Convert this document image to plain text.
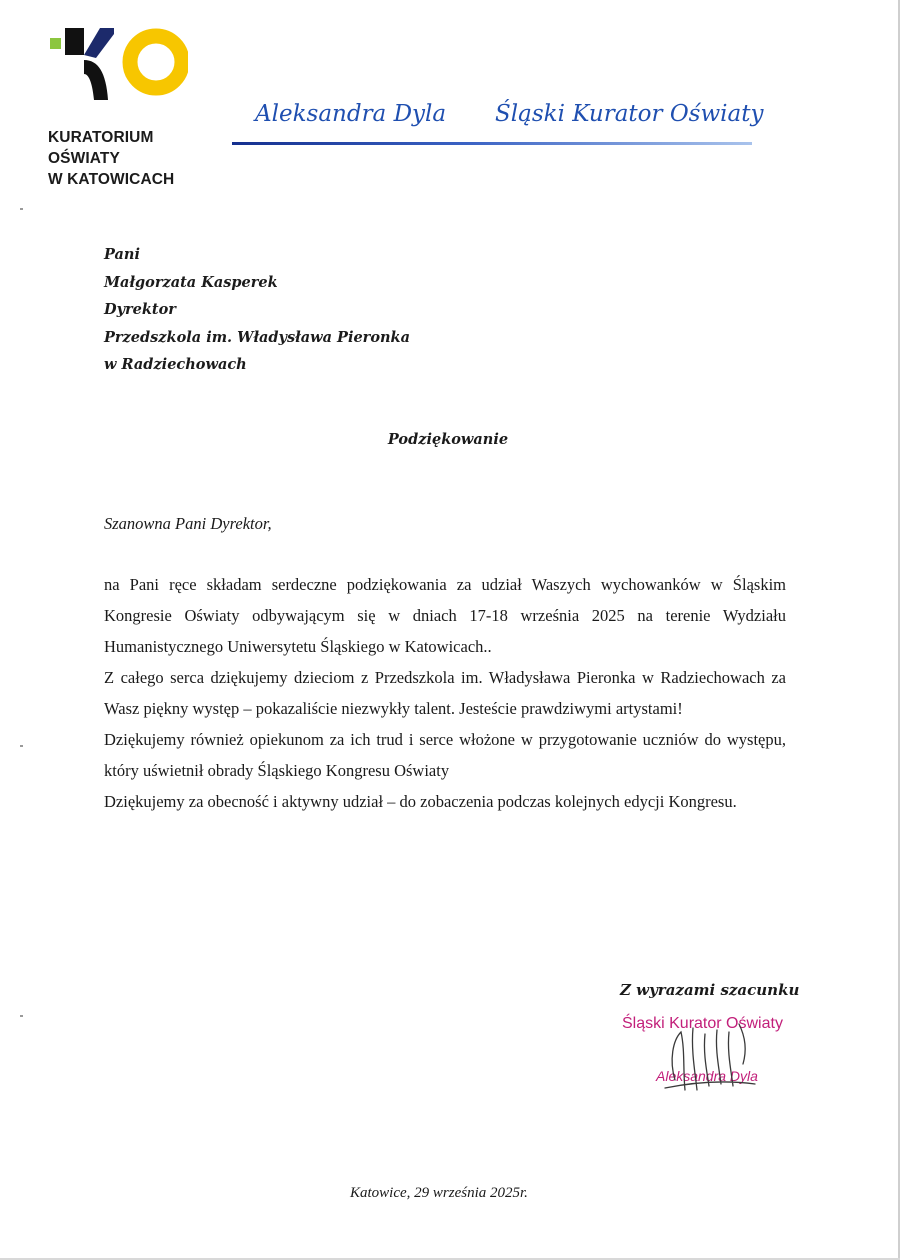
KURATORIUM
OŚWIATY
W KATOWICACH
Aleksandra Dyla Śląski Kurator Oświaty
Pani
Małgorzata Kasperek
Dyrektor
Przedszkola im. Władysława Pieronka
w Radziechowach
Podziękowanie
Szanowna Pani Dyrektor,

na Pani ręce składam serdeczne podziękowania za udział Waszych wychowanków w Śląskim Kongresie Oświaty odbywającym się w dniach 17-18 września 2025 na terenie Wydziału Humanistycznego Uniwersytetu Śląskiego w Katowicach..

Z całego serca dziękujemy dzieciom z Przedszkola im. Władysława Pieronka w Radziechowach za Wasz piękny występ – pokazaliście niezwykły talent. Jesteście prawdziwymi artystami!

Dziękujemy również opiekunom za ich trud i serce włożone w przygotowanie uczniów do występu, który uświetnił obrady Śląskiego Kongresu Oświaty

Dziękujemy za obecność i aktywny udział – do zobaczenia podczas kolejnych edycji Kongresu.

Z wyrazami szacunku
Śląski Kurator Oświaty
Aleksandra Dyla
Katowice, 29 września 2025r.
